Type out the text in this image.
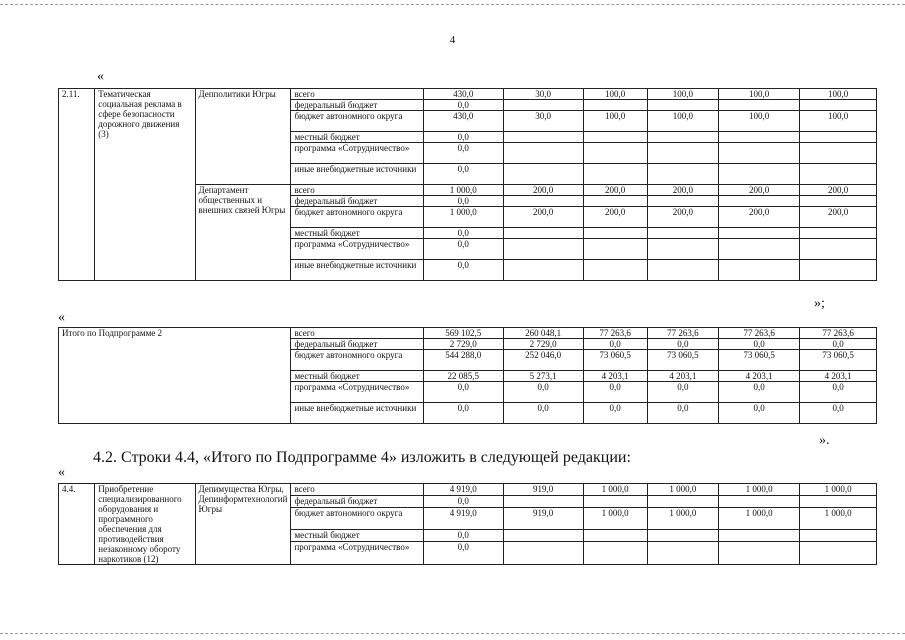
4
«
2.11.	Тематическая социальная реклама в сфере безопасности дорожного движения (3)	Депполитики Югры	всего	430,0	30,0	100,0	100,0	100,0	100,0
			федеральный бюджет	0,0					
			бюджет автономного округа	430,0	30,0	100,0	100,0	100,0	100,0
			местный бюджет	0,0					
			программа «Сотрудничество»	0,0					
			иные внебюджетные источники	0,0					
		Департамент общественных и внешних связей Югры	всего	1 000,0	200,0	200,0	200,0	200,0	200,0
			федеральный бюджет	0,0					
			бюджет автономного округа	1 000,0	200,0	200,0	200,0	200,0	200,0
			местный бюджет	0,0					
			программа «Сотрудничество»	0,0					
			иные внебюджетные источники	0,0					
»;
«
Итого по Подпрограмме 2	всего	569 102,5	260 048,1	77 263,6	77 263,6	77 263,6	77 263,6
	федеральный бюджет	2 729,0	2 729,0	0,0	0,0	0,0	0,0
	бюджет автономного округа	544 288,0	252 046,0	73 060,5	73 060,5	73 060,5	73 060,5
	местный бюджет	22 085,5	5 273,1	4 203,1	4 203,1	4 203,1	4 203,1
	программа «Сотрудничество»	0,0	0,0	0,0	0,0	0,0	0,0
	иные внебюджетные источники	0,0	0,0	0,0	0,0	0,0	0,0
».
4.2. Строки 4.4, «Итого по Подпрограмме 4» изложить в следующей редакции:
«
4.4.	Приобретение специализированного оборудования и программного обеспечения для противодействия незаконному обороту наркотиков (12)	Депимущества Югры, Депинформтехнологий Югры	всего	4 919,0	919,0	1 000,0	1 000,0	1 000,0	1 000,0
			федеральный бюджет	0,0					
			бюджет автономного округа	4 919,0	919,0	1 000,0	1 000,0	1 000,0	1 000,0
			местный бюджет	0,0					
			программа «Сотрудничество»	0,0					
